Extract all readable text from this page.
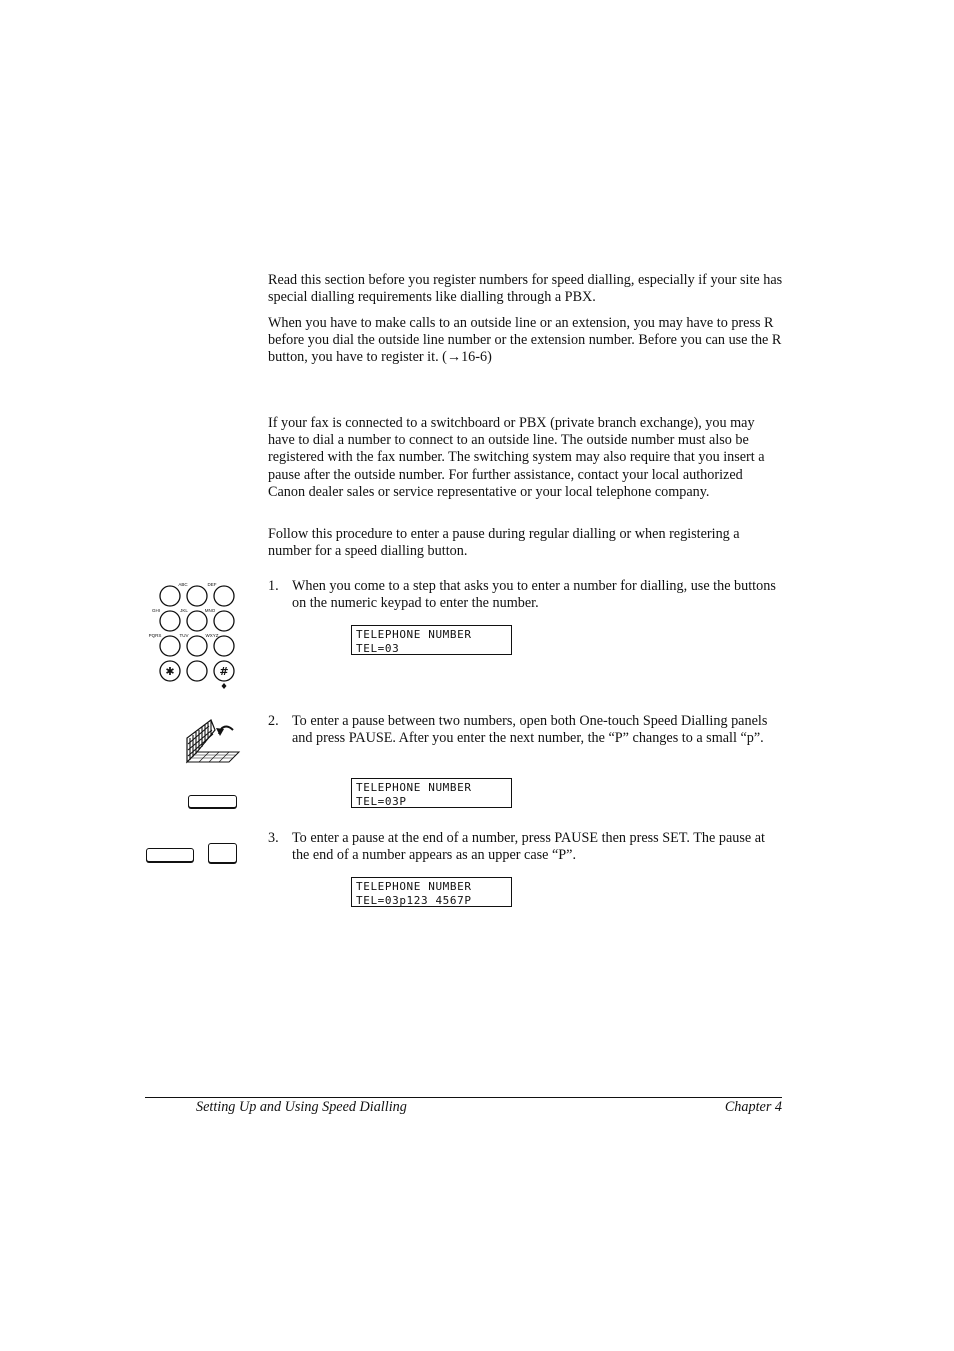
Read this section before you register numbers for speed dialling, especially if your site has special dialling requirements like dialling through a PBX.

When you have to make calls to an outside line or an extension, you may have to press R before you dial the outside line number or the extension number. Before you can use the R button, you have to register it. (→16-6)

If your fax is connected to a switchboard or PBX (private branch exchange), you may have to dial a number to connect to an outside line. The outside number must also be registered with the fax number. The switching system may also require that you insert a pause after the outside number. For further assistance, contact your local authorized Canon dealer sales or service representative or your local telephone company.

Follow this procedure to enter a pause during regular dialling or when registering a number for a speed dialling button.

ABC	DEF
GHI	JKL	MNO
PQRS	TUV	WXYZ
✱	#
1. When you come to a step that asks you to enter a number for dialling, use the buttons on the numeric keypad to enter the number.
TELEPHONE NUMBER
TEL=03_
2. To enter a pause between two numbers, open both One-touch Speed Dialling panels and press PAUSE. After you enter the next number, the “P” changes to a small “p”.
TELEPHONE NUMBER
TEL=03P_
3. To enter a pause at the end of a number, press PAUSE then press SET. The pause at the end of a number appears as an upper case “P”.
TELEPHONE NUMBER
TEL=03p123 4567P
Setting Up and Using Speed Dialling	Chapter 4
